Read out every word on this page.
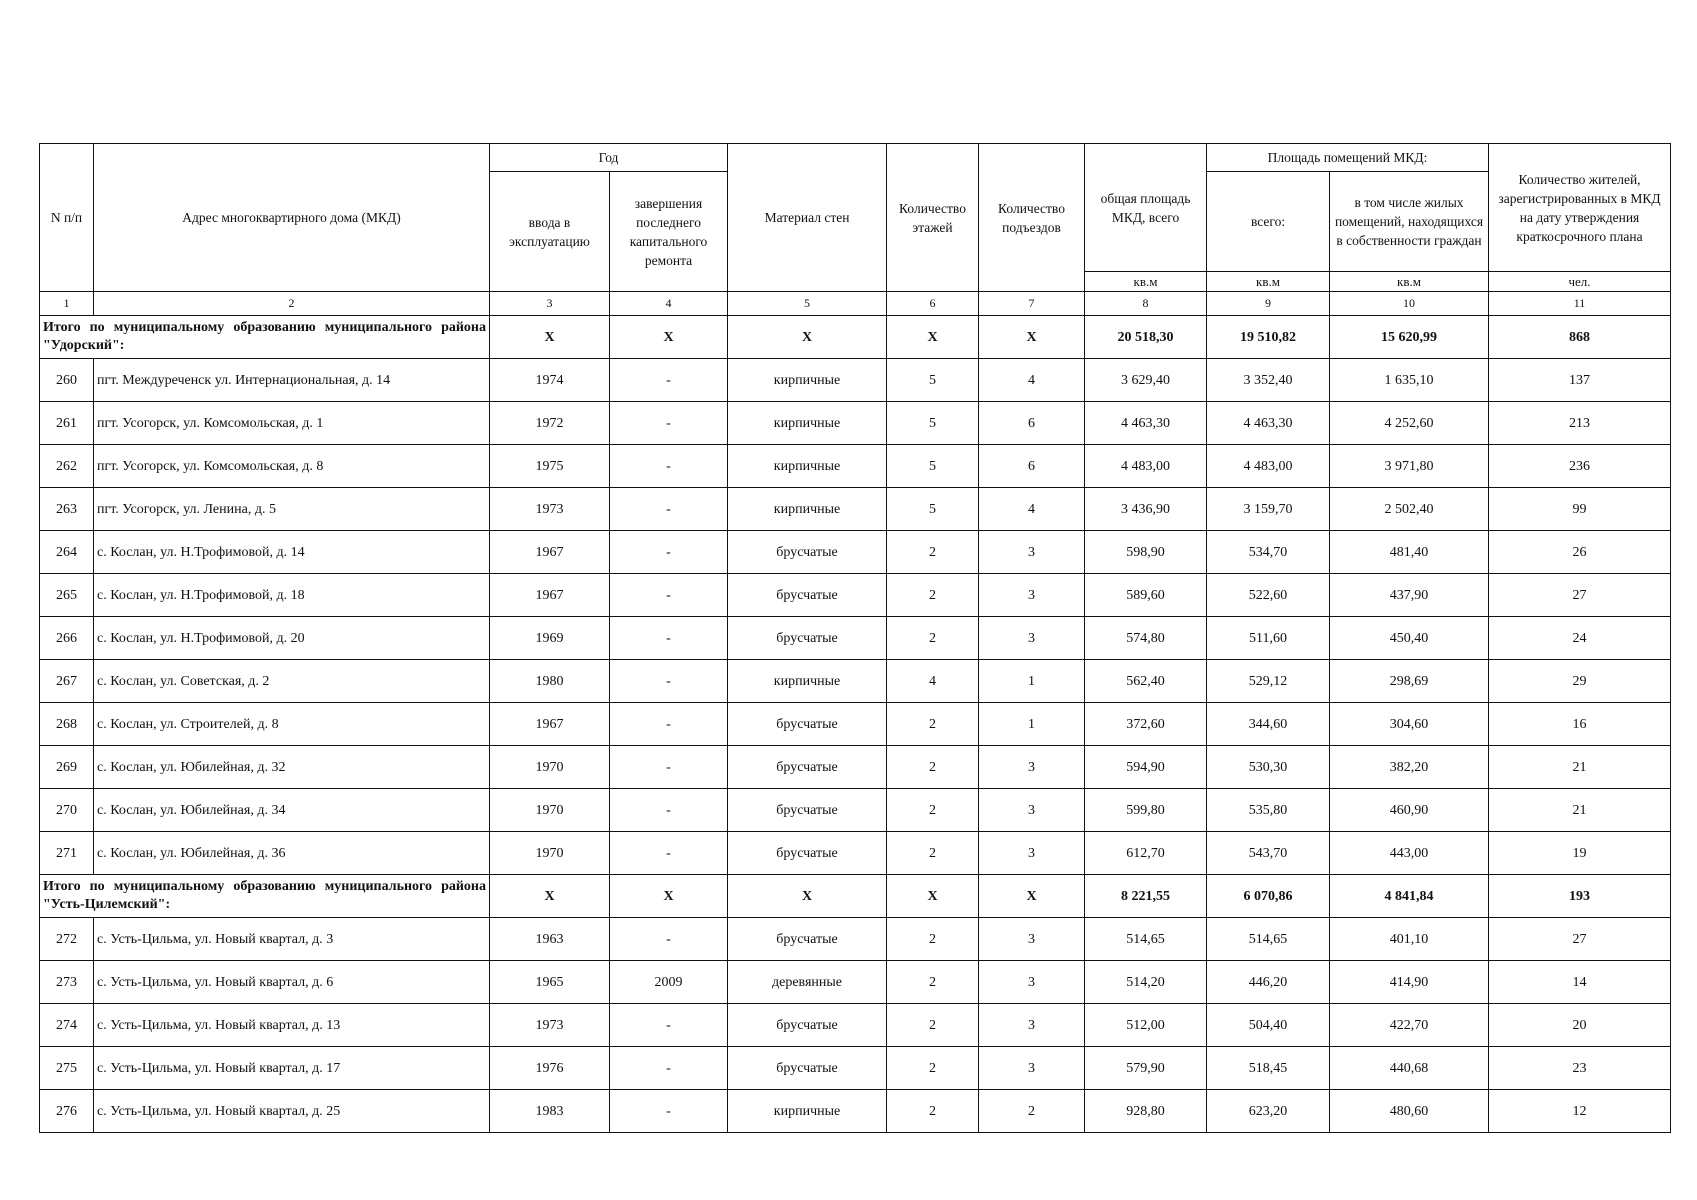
N п/п	Адрес многоквартирного дома (МКД)	Год		Материал стен	Количество этажей	Количество подъездов	общая площадь МКД, всего	Площадь помещений МКД:		Количество жителей, зарегистрированных в МКД на дату утверждения краткосрочного плана
		ввода в эксплуатацию	завершения последнего капитального ремонта					всего:	в том числе жилых помещений, находящихся в собственности граждан	
							кв.м	кв.м	кв.м	чел.
1	2	3	4	5	6	7	8	9	10	11
Итого по муниципальному образованию муниципального района "Удорский":		X	X	X	X	X	20 518,30	19 510,82	15 620,99	868
260	пгт. Междуреченск ул. Интернациональная, д. 14	1974	-	кирпичные	5	4	3 629,40	3 352,40	1 635,10	137
261	пгт. Усогорск, ул. Комсомольская, д. 1	1972	-	кирпичные	5	6	4 463,30	4 463,30	4 252,60	213
262	пгт. Усогорск, ул. Комсомольская, д. 8	1975	-	кирпичные	5	6	4 483,00	4 483,00	3 971,80	236
263	пгт. Усогорск, ул. Ленина, д. 5	1973	-	кирпичные	5	4	3 436,90	3 159,70	2 502,40	99
264	с. Кослан, ул. Н.Трофимовой, д. 14	1967	-	брусчатые	2	3	598,90	534,70	481,40	26
265	с. Кослан, ул. Н.Трофимовой, д. 18	1967	-	брусчатые	2	3	589,60	522,60	437,90	27
266	с. Кослан, ул. Н.Трофимовой, д. 20	1969	-	брусчатые	2	3	574,80	511,60	450,40	24
267	с. Кослан, ул. Советская, д. 2	1980	-	кирпичные	4	1	562,40	529,12	298,69	29
268	с. Кослан, ул. Строителей, д. 8	1967	-	брусчатые	2	1	372,60	344,60	304,60	16
269	с. Кослан, ул. Юбилейная, д. 32	1970	-	брусчатые	2	3	594,90	530,30	382,20	21
270	с. Кослан, ул. Юбилейная, д. 34	1970	-	брусчатые	2	3	599,80	535,80	460,90	21
271	с. Кослан, ул. Юбилейная, д. 36	1970	-	брусчатые	2	3	612,70	543,70	443,00	19
Итого по муниципальному образованию муниципального района "Усть-Цилемский":		X	X	X	X	X	8 221,55	6 070,86	4 841,84	193
272	с. Усть-Цильма, ул. Новый квартал, д. 3	1963	-	брусчатые	2	3	514,65	514,65	401,10	27
273	с. Усть-Цильма, ул. Новый квартал, д. 6	1965	2009	деревянные	2	3	514,20	446,20	414,90	14
274	с. Усть-Цильма, ул. Новый квартал, д. 13	1973	-	брусчатые	2	3	512,00	504,40	422,70	20
275	с. Усть-Цильма, ул. Новый квартал, д. 17	1976	-	брусчатые	2	3	579,90	518,45	440,68	23
276	с. Усть-Цильма, ул. Новый квартал, д. 25	1983	-	кирпичные	2	2	928,80	623,20	480,60	12
